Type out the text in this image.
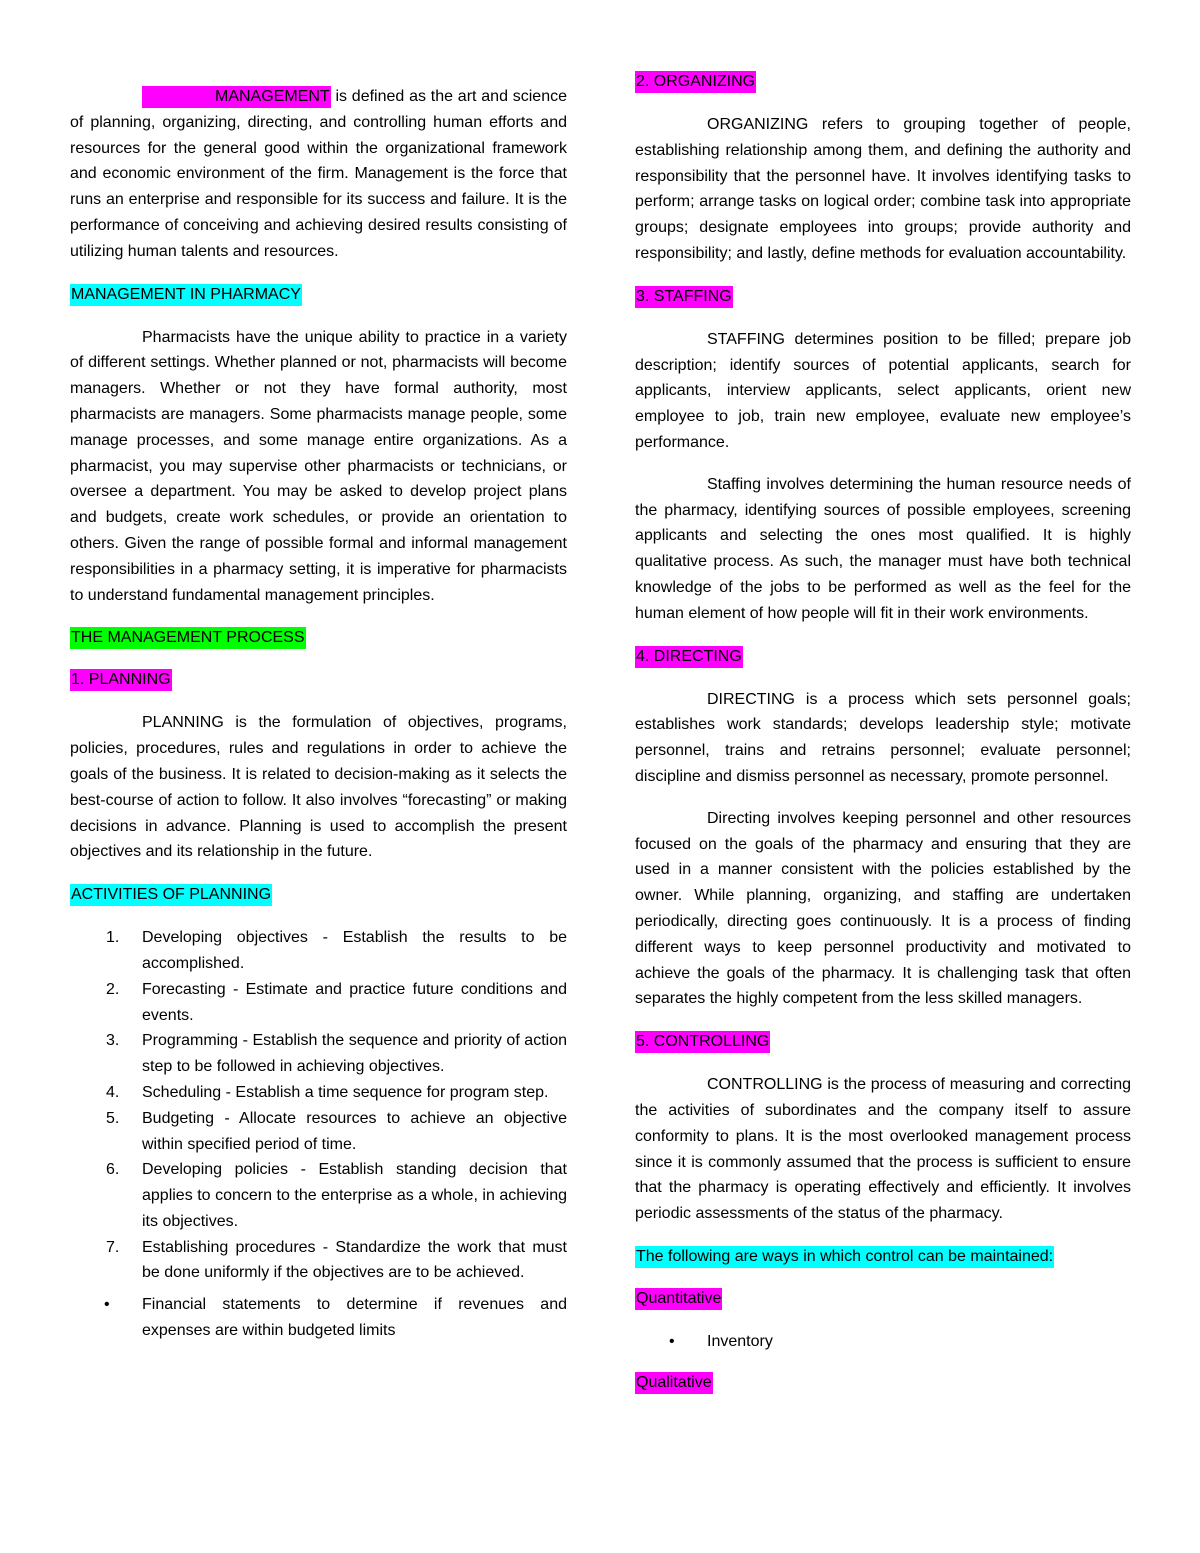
MANAGEMENT is defined as the art and science of planning, organizing, directing, and controlling human efforts and resources for the general good within the organizational framework and economic environment of the firm. Management is the force that runs an enterprise and responsible for its success and failure. It is the performance of conceiving and achieving desired results consisting of utilizing human talents and resources.

MANAGEMENT IN PHARMACY

Pharmacists have the unique ability to practice in a variety of different settings. Whether planned or not, pharmacists will become managers. Whether or not they have formal authority, most pharmacists are managers. Some pharmacists manage people, some manage processes, and some manage entire organizations. As a pharmacist, you may supervise other pharmacists or technicians, or oversee a department. You may be asked to develop project plans and budgets, create work schedules, or provide an orientation to others. Given the range of possible formal and informal management responsibilities in a pharmacy setting, it is imperative for pharmacists to understand fundamental management principles.

THE MANAGEMENT PROCESS

1. PLANNING

PLANNING is the formulation of objectives, programs, policies, procedures, rules and regulations in order to achieve the goals of the business. It is related to decision-making as it selects the best-course of action to follow. It also involves “forecasting” or making decisions in advance. Planning is used to accomplish the present objectives and its relationship in the future.

ACTIVITIES OF PLANNING

1. Developing objectives - Establish the results to be accomplished.
2. Forecasting - Estimate and practice future conditions and events.
3. Programming - Establish the sequence and priority of action step to be followed in achieving objectives.
4. Scheduling - Establish a time sequence for program step.
5. Budgeting - Allocate resources to achieve an objective within specified period of time.
6. Developing policies - Establish standing decision that applies to concern to the enterprise as a whole, in achieving its objectives.
7. Establishing procedures - Standardize the work that must be done uniformly if the objectives are to be achieved.
• Financial statements to determine if revenues and expenses are within budgeted limits

2. ORGANIZING

ORGANIZING refers to grouping together of people, establishing relationship among them, and defining the authority and responsibility that the personnel have. It involves identifying tasks to perform; arrange tasks on logical order; combine task into appropriate groups; designate employees into groups; provide authority and responsibility; and lastly, define methods for evaluation accountability.

3. STAFFING

STAFFING determines position to be filled; prepare job description; identify sources of potential applicants, search for applicants, interview applicants, select applicants, orient new employee to job, train new employee, evaluate new employee’s performance.

Staffing involves determining the human resource needs of the pharmacy, identifying sources of possible employees, screening applicants and selecting the ones most qualified. It is highly qualitative process. As such, the manager must have both technical knowledge of the jobs to be performed as well as the feel for the human element of how people will fit in their work environments.

4. DIRECTING

DIRECTING is a process which sets personnel goals; establishes work standards; develops leadership style; motivate personnel, trains and retrains personnel; evaluate personnel; discipline and dismiss personnel as necessary, promote personnel.

Directing involves keeping personnel and other resources focused on the goals of the pharmacy and ensuring that they are used in a manner consistent with the policies established by the owner. While planning, organizing, and staffing are undertaken periodically, directing goes continuously. It is a process of finding different ways to keep personnel productivity and motivated to achieve the goals of the pharmacy. It is challenging task that often separates the highly competent from the less skilled managers.

5. CONTROLLING

CONTROLLING is the process of measuring and correcting the activities of subordinates and the company itself to assure conformity to plans. It is the most overlooked management process since it is commonly assumed that the process is sufficient to ensure that the pharmacy is operating effectively and efficiently. It involves periodic assessments of the status of the pharmacy.

The following are ways in which control can be maintained:

Quantitative

• Inventory

Qualitative
